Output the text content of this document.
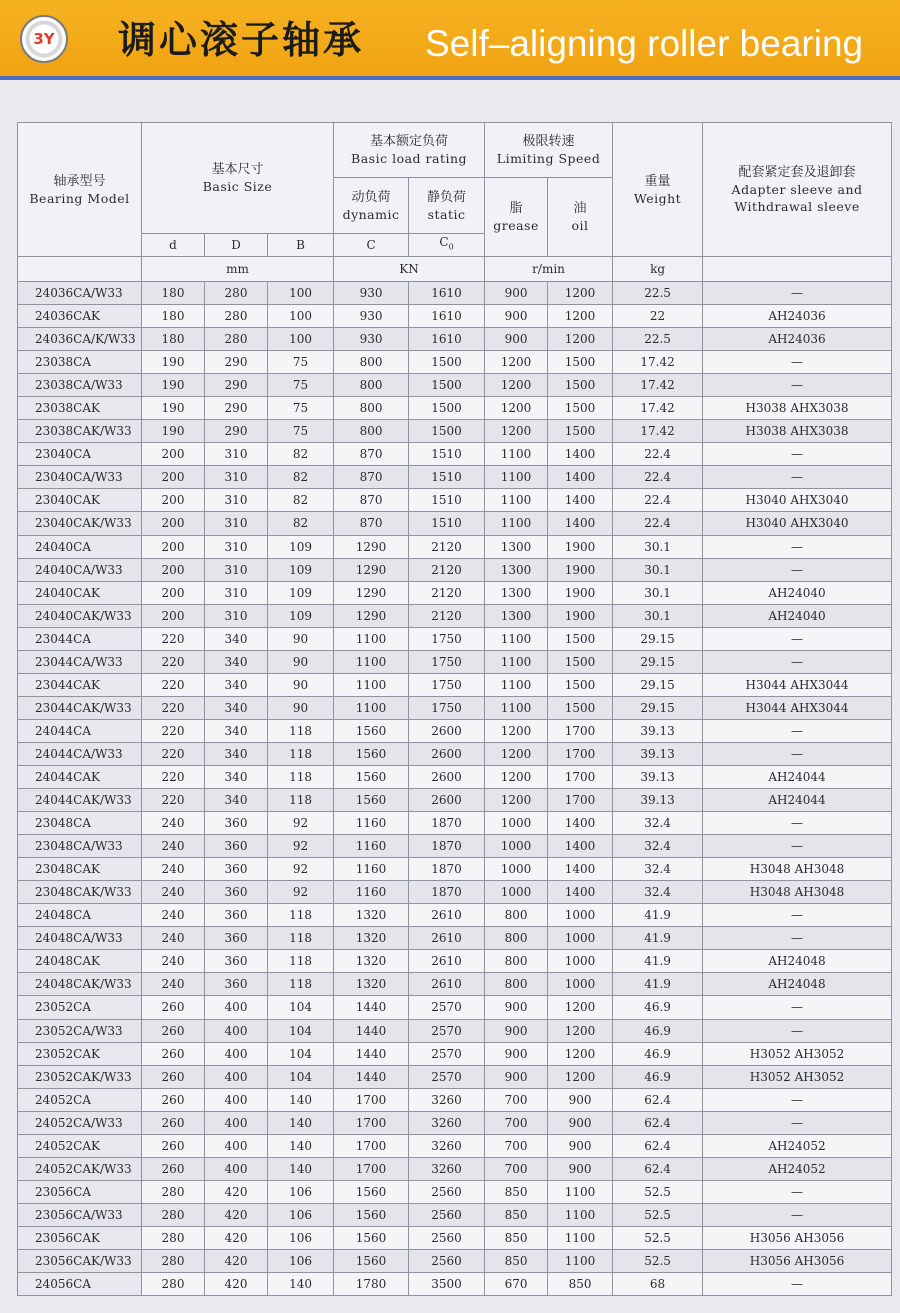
3Y 调心滚子轴承 Self–aligning roller bearing
轴承型号
Bearing Model	基本尺寸
Basic Size			基本额定负荷
Basic load rating		极限转速
Limiting Speed		重量
Weight	配套紧定套及退卸套
Adapter sleeve and
Withdrawal sleeve

				动负荷
dynamic	静负荷
static	脂
grease	油
oil		

	d	D	B	C	$C_0$
	mm			KN		r/min		kg	
24036CA/W33	180	280	100	930	1610	900	1200	22.5	—
24036CAK	180	280	100	930	1610	900	1200	22	AH24036
24036CA/K/W33	180	280	100	930	1610	900	1200	22.5	AH24036
23038CA	190	290	75	800	1500	1200	1500	17.42	—
23038CA/W33	190	290	75	800	1500	1200	1500	17.42	—
23038CAK	190	290	75	800	1500	1200	1500	17.42	H3038 AHX3038
23038CAK/W33	190	290	75	800	1500	1200	1500	17.42	H3038 AHX3038
23040CA	200	310	82	870	1510	1100	1400	22.4	—
23040CA/W33	200	310	82	870	1510	1100	1400	22.4	—
23040CAK	200	310	82	870	1510	1100	1400	22.4	H3040 AHX3040
23040CAK/W33	200	310	82	870	1510	1100	1400	22.4	H3040 AHX3040
24040CA	200	310	109	1290	2120	1300	1900	30.1	—
24040CA/W33	200	310	109	1290	2120	1300	1900	30.1	—
24040CAK	200	310	109	1290	2120	1300	1900	30.1	AH24040
24040CAK/W33	200	310	109	1290	2120	1300	1900	30.1	AH24040
23044CA	220	340	90	1100	1750	1100	1500	29.15	—
23044CA/W33	220	340	90	1100	1750	1100	1500	29.15	—
23044CAK	220	340	90	1100	1750	1100	1500	29.15	H3044 AHX3044
23044CAK/W33	220	340	90	1100	1750	1100	1500	29.15	H3044 AHX3044
24044CA	220	340	118	1560	2600	1200	1700	39.13	—
24044CA/W33	220	340	118	1560	2600	1200	1700	39.13	—
24044CAK	220	340	118	1560	2600	1200	1700	39.13	AH24044
24044CAK/W33	220	340	118	1560	2600	1200	1700	39.13	AH24044
23048CA	240	360	92	1160	1870	1000	1400	32.4	—
23048CA/W33	240	360	92	1160	1870	1000	1400	32.4	—
23048CAK	240	360	92	1160	1870	1000	1400	32.4	H3048 AH3048
23048CAK/W33	240	360	92	1160	1870	1000	1400	32.4	H3048 AH3048
24048CA	240	360	118	1320	2610	800	1000	41.9	—
24048CA/W33	240	360	118	1320	2610	800	1000	41.9	—
24048CAK	240	360	118	1320	2610	800	1000	41.9	AH24048
24048CAK/W33	240	360	118	1320	2610	800	1000	41.9	AH24048
23052CA	260	400	104	1440	2570	900	1200	46.9	—
23052CA/W33	260	400	104	1440	2570	900	1200	46.9	—
23052CAK	260	400	104	1440	2570	900	1200	46.9	H3052 AH3052
23052CAK/W33	260	400	104	1440	2570	900	1200	46.9	H3052 AH3052
24052CA	260	400	140	1700	3260	700	900	62.4	—
24052CA/W33	260	400	140	1700	3260	700	900	62.4	—
24052CAK	260	400	140	1700	3260	700	900	62.4	AH24052
24052CAK/W33	260	400	140	1700	3260	700	900	62.4	AH24052
23056CA	280	420	106	1560	2560	850	1100	52.5	—
23056CA/W33	280	420	106	1560	2560	850	1100	52.5	—
23056CAK	280	420	106	1560	2560	850	1100	52.5	H3056 AH3056
23056CAK/W33	280	420	106	1560	2560	850	1100	52.5	H3056 AH3056
24056CA	280	420	140	1780	3500	670	850	68	—
